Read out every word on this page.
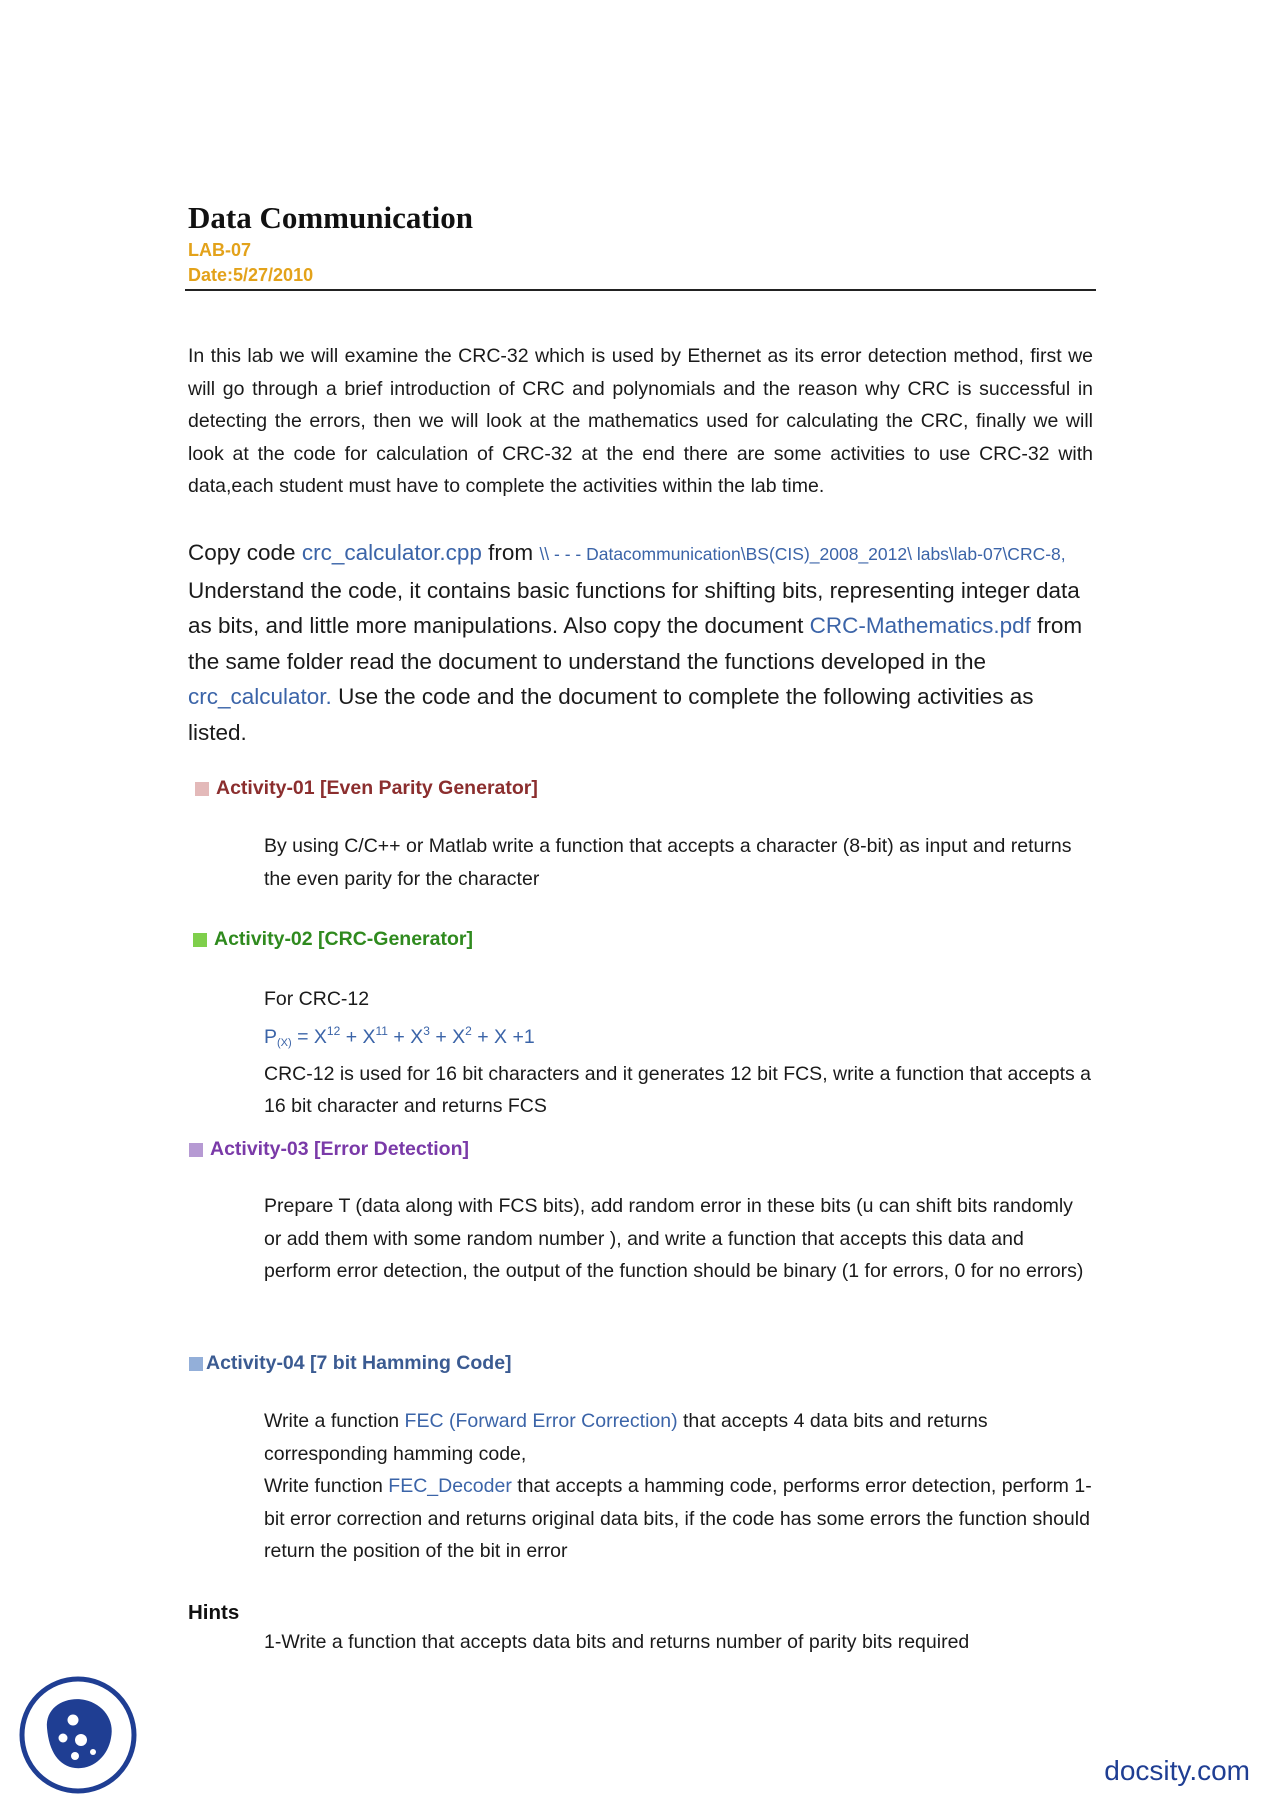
Data Communication
LAB-07
Date:5/27/2010
In this lab we will examine the CRC-32 which is used by Ethernet as its error detection method, first we will go through a brief introduction of CRC and polynomials and the reason why CRC is successful in detecting the errors, then we will look at the mathematics used for calculating the CRC, finally we will look at the code for calculation of CRC-32 at the end there are some activities to use CRC-32 with data,each student must have to complete the activities within the lab time.
Copy code crc_calculator.cpp from \\ - - - Datacommunication\BS(CIS)_2008_2012\ labs\lab-07\CRC-8, Understand the code, it contains basic functions for shifting bits, representing integer data as bits, and little more manipulations. Also copy the document CRC-Mathematics.pdf from the same folder read the document to understand the functions developed in the crc_calculator. Use the code and the document to complete the following activities as listed.
Activity-01 [Even Parity Generator]
By using C/C++ or Matlab write a function that accepts a character (8-bit) as input and returns the even parity for the character
Activity-02 [CRC-Generator]
For CRC-12
$P_{(X)} = X^{12} + X^{11} + X^3 + X^2 + X +1$
CRC-12 is used for 16 bit characters and it generates 12 bit FCS, write a function that accepts a 16 bit character and returns FCS
Activity-03 [Error Detection]
Prepare T (data along with FCS bits), add random error in these bits (u can shift bits randomly or add them with some random number ), and write a function that accepts this data and perform error detection, the output of the function should be binary (1 for errors, 0 for no errors)
Activity-04 [7 bit Hamming Code]
Write a function FEC (Forward Error Correction) that accepts 4 data bits and returns corresponding hamming code,
Write function FEC_Decoder that accepts a hamming code, performs error detection, perform 1-bit error correction and returns original data bits, if the code has some errors the function should return the position of the bit in error
Hints
1-Write a function that accepts data bits and returns number of parity bits required
docsity.com
